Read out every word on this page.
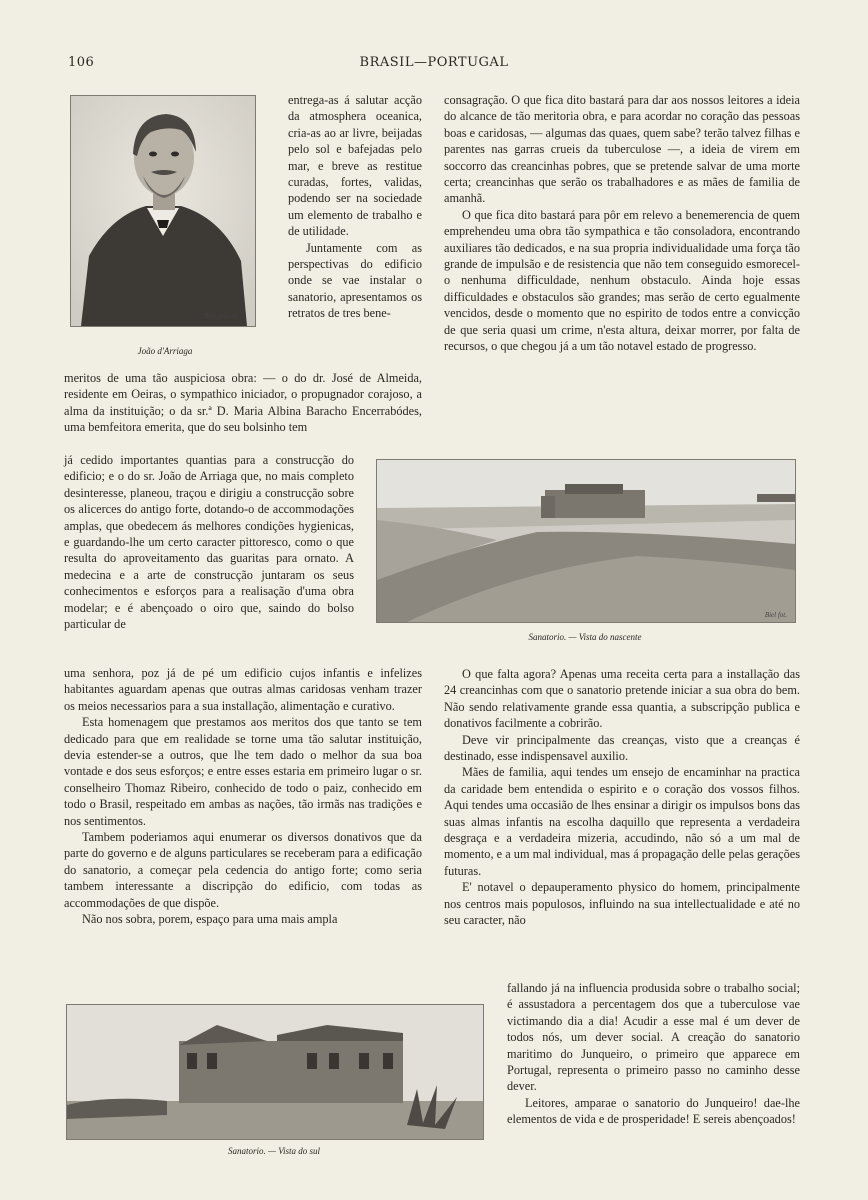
106	BRASIL—PORTUGAL
Biel gravou
João d'Arriaga

entrega-as á salutar acção da atmosphera oceanica, cria-as ao ar livre, beijadas pelo sol e bafejadas pelo mar, e breve as restitue curadas, fortes, validas, podendo ser na sociedade um elemento de trabalho e de utilidade.

Juntamente com as perspectivas do edificio onde se vae instalar o sanatorio, apresentamos os retratos de tres bene-

meritos de uma tão auspiciosa obra: — o do dr. José de Almeida, residente em Oeiras, o sympathico iniciador, o propugnador corajoso, a alma da instituição; o da sr.ª D. Maria Albina Baracho Encerrabódes, uma bemfeitora emerita, que do seu bolsinho tem

já cedido importantes quantias para a construcção do edificio; e o do sr. João de Arriaga que, no mais completo desinteresse, planeou, traçou e dirigiu a construcção sobre os alicerces do antigo forte, dotando-o de accommodações amplas, que obedecem ás melhores condições hygienicas, e guardando-lhe um certo caracter pittoresco, como o que resulta do aproveitamento das guaritas para ornato. A medecina e a arte de construcção juntaram os seus conhecimentos e esforços para a realisação d'uma obra modelar; e é abençoado o oiro que, saindo do bolso particular de

uma senhora, poz já de pé um edificio cujos infantis e infelizes habitantes aguardam apenas que outras almas caridosas venham trazer os meios necessarios para a sua installação, alimentação e curativo.

Esta homenagem que prestamos aos meritos dos que tanto se tem dedicado para que em realidade se torne uma tão salutar instituição, devia estender-se a outros, que lhe tem dado o melhor da sua boa vontade e dos seus esforços; e entre esses estaria em primeiro lugar o sr. conselheiro Thomaz Ribeiro, conhecido de todo o paiz, conhecido em todo o Brasil, respeitado em ambas as nações, tão irmãs nas tradições e nos sentimentos.

Tambem poderiamos aqui enumerar os diversos donativos que da parte do governo e de alguns particulares se receberam para a edificação do sanatorio, a começar pela cedencia do antigo forte; como seria tambem interessante a discripção do edificio, com todas as accommodações de que dispõe.

Não nos sobra, porem, espaço para uma mais ampla

consagração. O que fica dito bastará para dar aos nossos leitores a ideia do alcance de tão meritoria obra, e para acordar no coração das pessoas boas e caridosas, — algumas das quaes, quem sabe? terão talvez filhas e parentes nas garras crueis da tuberculose —, a ideia de virem em soccorro das creancinhas pobres, que se pretende salvar de uma morte certa; creancinhas que serão os trabalhadores e as mães de familia de amanhã.

O que fica dito bastará para pôr em relevo a benemerencia de quem emprehendeu uma obra tão sympathica e tão consoladora, encontrando auxiliares tão dedicados, e na sua propria individualidade uma força tão grande de impulsão e de resistencia que não tem conseguido esmorecel-o nenhuma difficuldade, nenhum obstaculo. Ainda hoje essas difficuldades e obstaculos são grandes; mas serão de certo egualmente vencidos, desde o momento que no espirito de todos entre a convicção de que seria quasi um crime, n'esta altura, deixar morrer, por falta de recursos, o que chegou já a um tão notavel estado de progresso.

Biel fot.
Sanatorio. — Vista do nascente

O que falta agora? Apenas uma receita certa para a installação das 24 creancinhas com que o sanatorio pretende iniciar a sua obra do bem. Não sendo relativamente grande essa quantia, a subscripção publica e donativos facilmente a cobrirão.

Deve vir principalmente das creanças, visto que a creanças é destinado, esse indispensavel auxilio.

Mães de familia, aqui tendes um ensejo de encaminhar na practica da caridade bem entendida o espirito e o coração dos vossos filhos. Aqui tendes uma occasião de lhes ensinar a dirigir os impulsos bons das suas almas infantis na escolha daquillo que representa a verdadeira desgraça e a verdadeira mizeria, accudindo, não só a um mal de momento, e a um mal individual, mas á propagação delle pelas gerações futuras.

E' notavel o depauperamento physico do homem, principalmente nos centros mais populosos, influindo na sua intellectualidade e até no seu caracter, não

Sanatorio. — Vista do sul

fallando já na influencia produsida sobre o trabalho social; é assustadora a percentagem dos que a tuberculose vae victimando dia a dia! Acudir a esse mal é um dever de todos nós, um dever social. A creação do sanatorio maritimo do Junqueiro, o primeiro que apparece em Portugal, representa o primeiro passo no caminho desse dever.

Leitores, amparae o sanatorio do Junqueiro! dae-lhe elementos de vida e de prosperidade! E sereis abençoados!
